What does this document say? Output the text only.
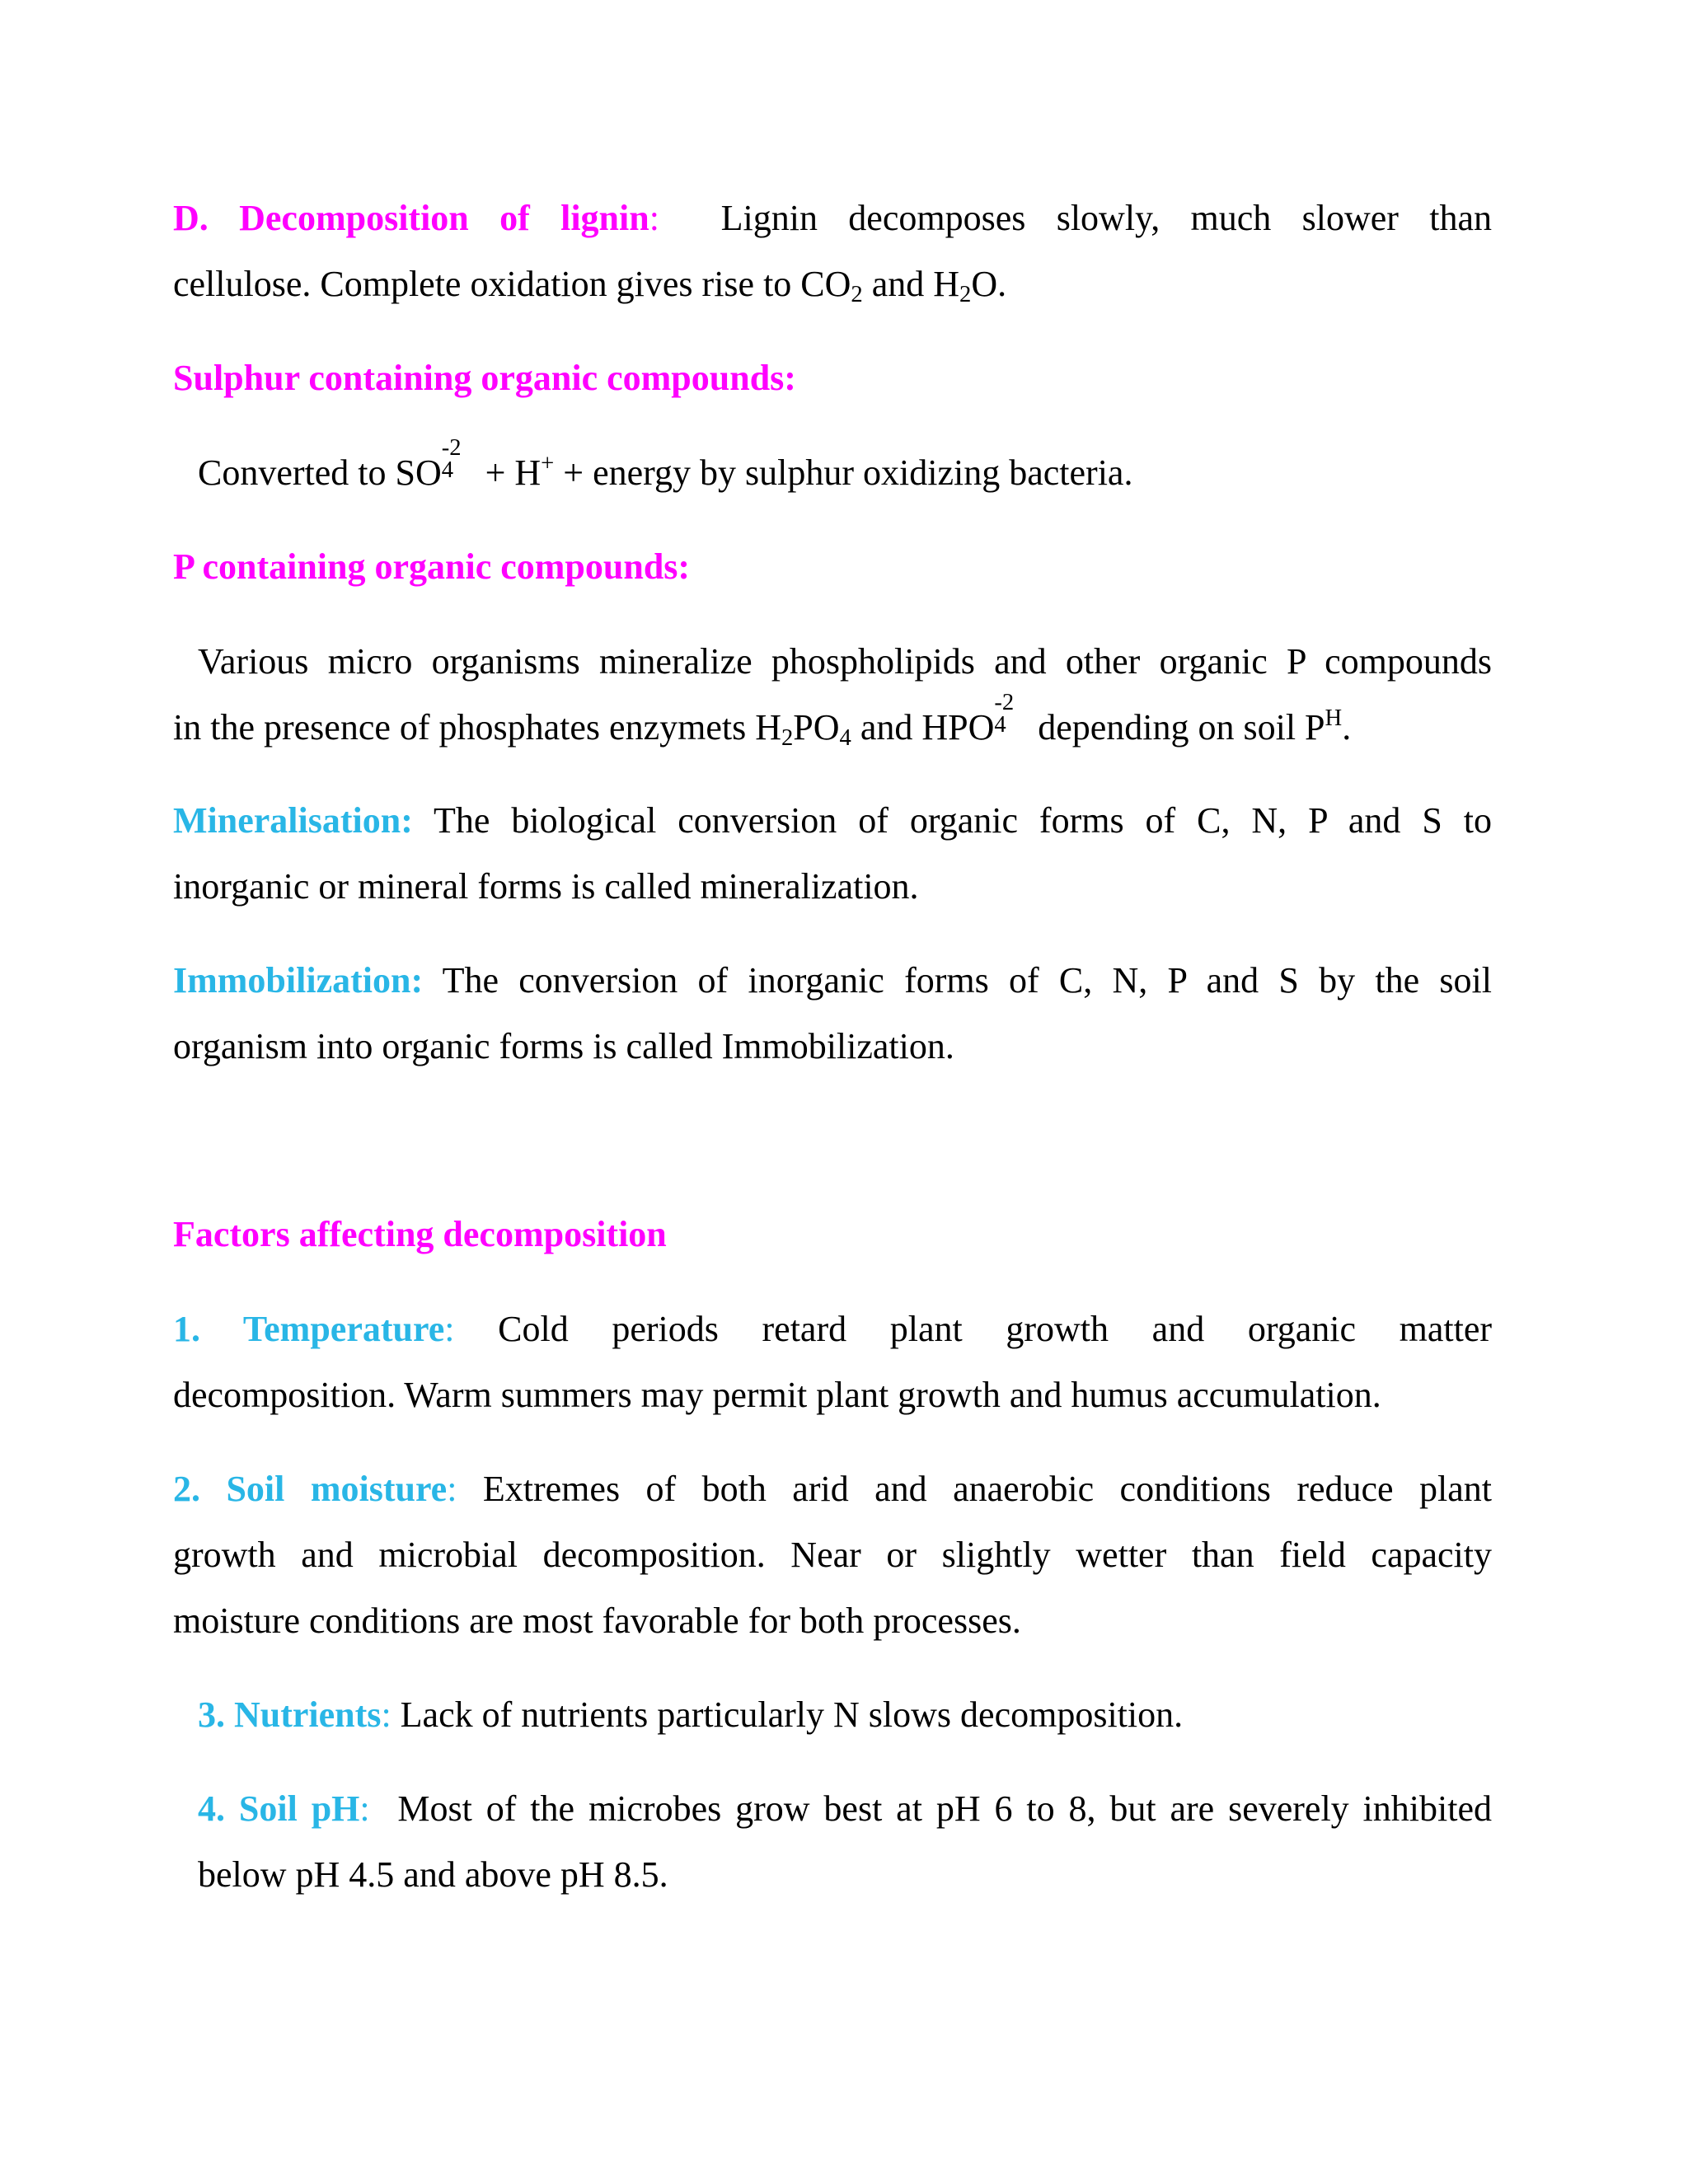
D. Decomposition of lignin: Lignin decomposes slowly, much slower than
cellulose. Complete oxidation gives rise to $CO_2$ and $H_2O$.
Sulphur containing organic compounds:
Converted to SO
-2
4 + H+ + energy by sulphur oxidizing bacteria.
P containing organic compounds:
Various micro organisms mineralize phospholipids and other organic P compounds
in the presence of phosphates enzymets $H_2PO_4$ and HPO
-2
4 depending on soil $P^H$.
Mineralisation: The biological conversion of organic forms of C, N, P and S to
inorganic or mineral forms is called mineralization.
Immobilization: The conversion of inorganic forms of C, N, P and S by the soil
organism into organic forms is called Immobilization.
Factors affecting decomposition
1. Temperature: Cold periods retard plant growth and organic matter
decomposition. Warm summers may permit plant growth and humus accumulation.
2. Soil moisture: Extremes of both arid and anaerobic conditions reduce plant
growth and microbial decomposition. Near or slightly wetter than field capacity
moisture conditions are most favorable for both processes.
3. Nutrients: Lack of nutrients particularly N slows decomposition.
4. Soil pH:  Most of the microbes grow best at pH 6 to 8, but are severely inhibited
below pH 4.5 and above pH 8.5.
